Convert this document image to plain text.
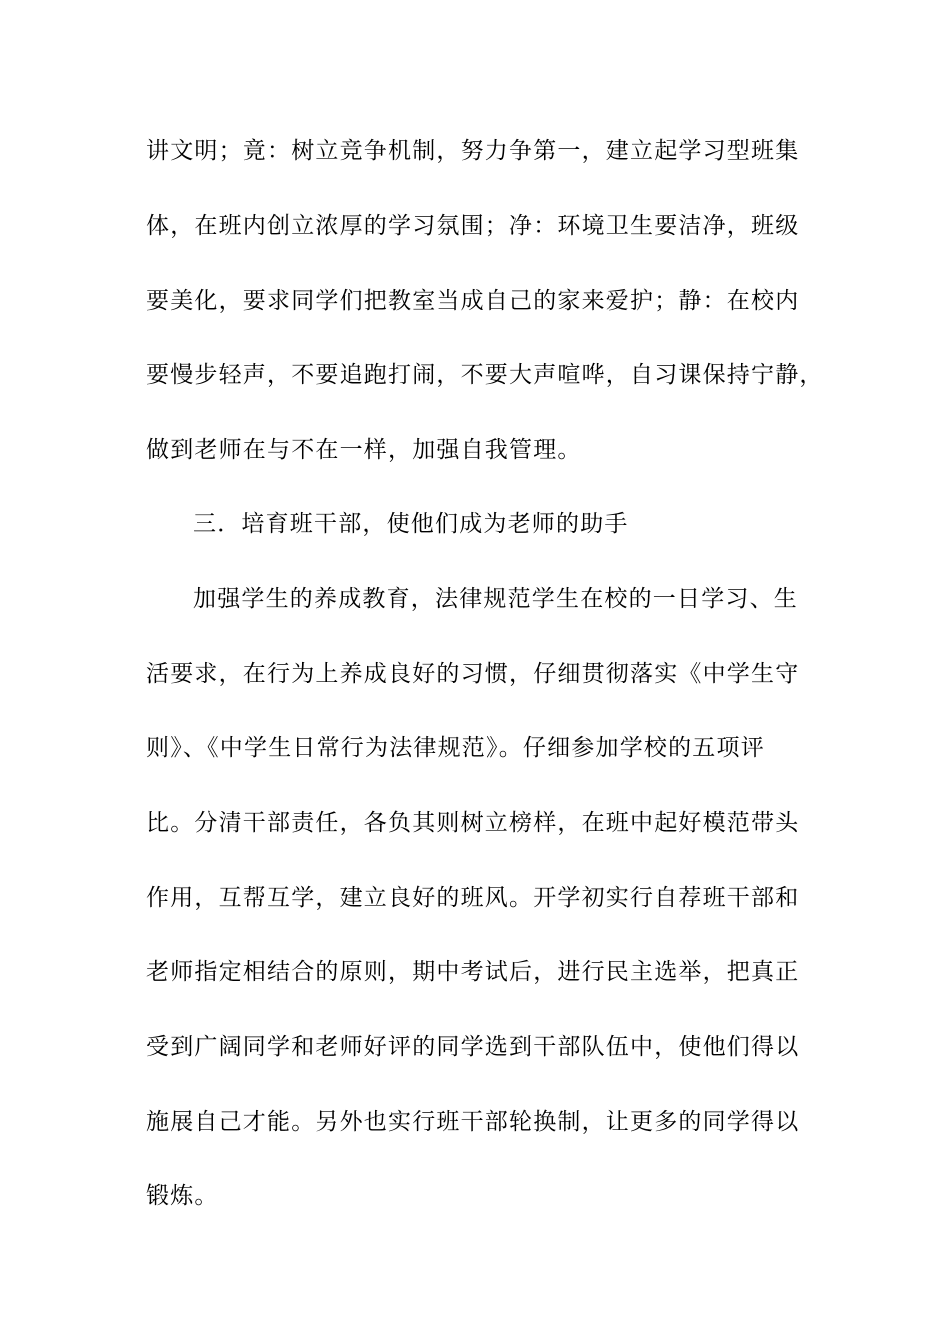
讲文明；竟：树立竞争机制，努力争第一，建立起学习型班集
体，在班内创立浓厚的学习氛围；净：环境卫生要洁净，班级
要美化，要求同学们把教室当成自己的家来爱护；静：在校内
要慢步轻声，不要追跑打闹，不要大声喧哗，自习课保持宁静，
做到老师在与不在一样，加强自我管理。
三．培育班干部，使他们成为老师的助手
加强学生的养成教育，法律规范学生在校的一日学习、生
活要求，在行为上养成良好的习惯，仔细贯彻落实《中学生守
则》、《中学生日常行为法律规范》。仔细参加学校的五项评
比。分清干部责任，各负其则树立榜样，在班中起好模范带头
作用，互帮互学，建立良好的班风。开学初实行自荐班干部和
老师指定相结合的原则，期中考试后，进行民主选举，把真正
受到广阔同学和老师好评的同学选到干部队伍中，使他们得以
施展自己才能。另外也实行班干部轮换制，让更多的同学得以
锻炼。
